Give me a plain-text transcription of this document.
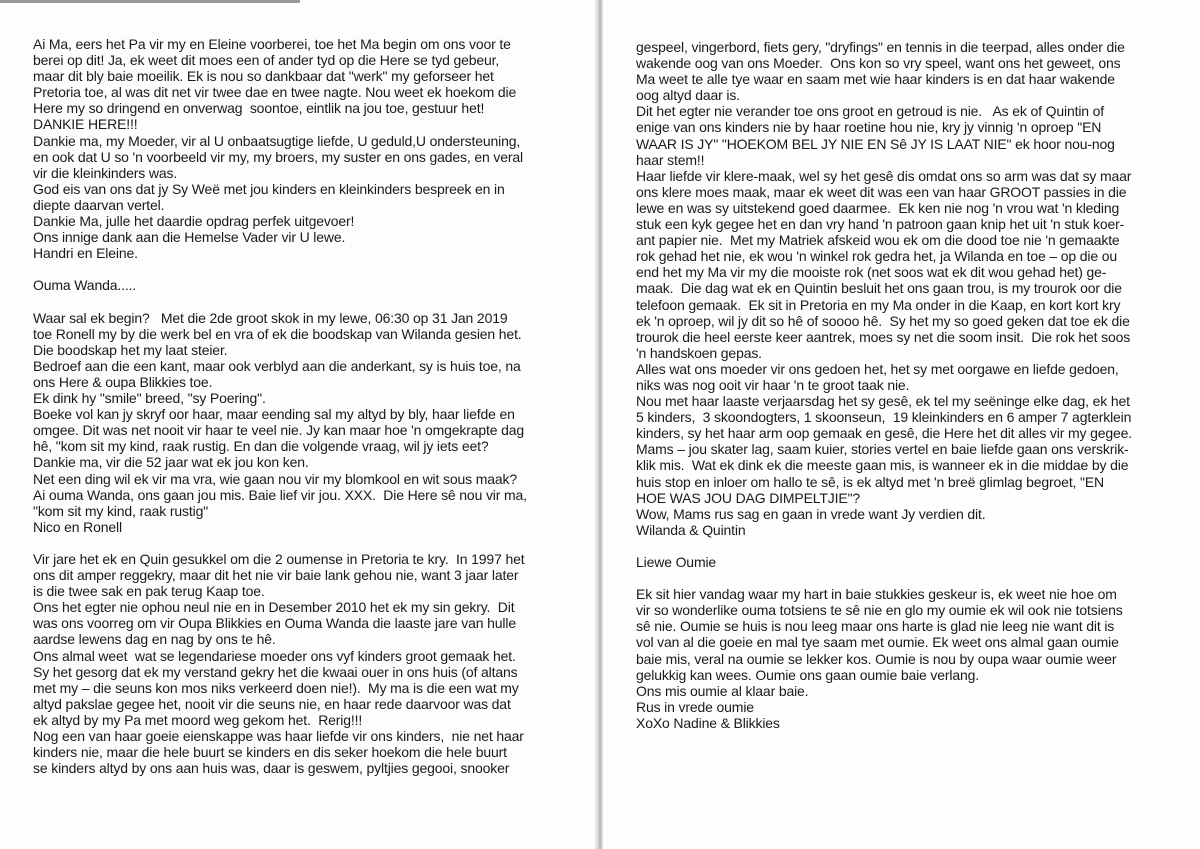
Ai Ma, eers het Pa vir my en Eleine voorberei, toe het Ma begin om ons voor te
berei op dit! Ja, ek weet dit moes een of ander tyd op die Here se tyd gebeur,
maar dit bly baie moeilik. Ek is nou so dankbaar dat "werk" my geforseer het
Pretoria toe, al was dit net vir twee dae en twee nagte. Nou weet ek hoekom die
Here my so dringend en onverwag  soontoe, eintlik na jou toe, gestuur het!
DANKIE HERE!!!
Dankie ma, my Moeder, vir al U onbaatsugtige liefde, U geduld,U ondersteuning,
en ook dat U so 'n voorbeeld vir my, my broers, my suster en ons gades, en veral
vir die kleinkinders was.
God eis van ons dat jy Sy Weë met jou kinders en kleinkinders bespreek en in
diepte daarvan vertel.
Dankie Ma, julle het daardie opdrag perfek uitgevoer!
Ons innige dank aan die Hemelse Vader vir U lewe.
Handri en Eleine.
Ouma Wanda.....
Waar sal ek begin?   Met die 2de groot skok in my lewe, 06:30 op 31 Jan 2019
toe Ronell my by die werk bel en vra of ek die boodskap van Wilanda gesien het.
Die boodskap het my laat steier.
Bedroef aan die een kant, maar ook verblyd aan die anderkant, sy is huis toe, na
ons Here & oupa Blikkies toe.
Ek dink hy "smile" breed, "sy Poering".
Boeke vol kan jy skryf oor haar, maar eending sal my altyd by bly, haar liefde en
omgee. Dit was net nooit vir haar te veel nie. Jy kan maar hoe 'n omgekrapte dag
hê, "kom sit my kind, raak rustig. En dan die volgende vraag, wil jy iets eet?
Dankie ma, vir die 52 jaar wat ek jou kon ken.
Net een ding wil ek vir ma vra, wie gaan nou vir my blomkool en wit sous maak?
Ai ouma Wanda, ons gaan jou mis. Baie lief vir jou. XXX.  Die Here sê nou vir ma,
"kom sit my kind, raak rustig"
Nico en Ronell
Vir jare het ek en Quin gesukkel om die 2 oumense in Pretoria te kry.  In 1997 het
ons dit amper reggekry, maar dit het nie vir baie lank gehou nie, want 3 jaar later
is die twee sak en pak terug Kaap toe.
Ons het egter nie ophou neul nie en in Desember 2010 het ek my sin gekry.  Dit
was ons voorreg om vir Oupa Blikkies en Ouma Wanda die laaste jare van hulle
aardse lewens dag en nag by ons te hê.
Ons almal weet  wat se legendariese moeder ons vyf kinders groot gemaak het.
Sy het gesorg dat ek my verstand gekry het die kwaai ouer in ons huis (of altans
met my – die seuns kon mos niks verkeerd doen nie!).  My ma is die een wat my
altyd pakslae gegee het, nooit vir die seuns nie, en haar rede daarvoor was dat
ek altyd by my Pa met moord weg gekom het.  Rerig!!!
Nog een van haar goeie eienskappe was haar liefde vir ons kinders,  nie net haar
kinders nie, maar die hele buurt se kinders en dis seker hoekom die hele buurt
se kinders altyd by ons aan huis was, daar is geswem, pyltjies gegooi, snooker
gespeel, vingerbord, fiets gery, "dryfings" en tennis in die teerpad, alles onder die
wakende oog van ons Moeder.  Ons kon so vry speel, want ons het geweet, ons
Ma weet te alle tye waar en saam met wie haar kinders is en dat haar wakende
oog altyd daar is.
Dit het egter nie verander toe ons groot en getroud is nie.   As ek of Quintin of
enige van ons kinders nie by haar roetine hou nie, kry jy vinnig 'n oproep "EN
WAAR IS JY" "HOEKOM BEL JY NIE EN Sê JY IS LAAT NIE" ek hoor nou-nog
haar stem!!
Haar liefde vir klere-maak, wel sy het gesê dis omdat ons so arm was dat sy maar
ons klere moes maak, maar ek weet dit was een van haar GROOT passies in die
lewe en was sy uitstekend goed daarmee.  Ek ken nie nog 'n vrou wat 'n kleding
stuk een kyk gegee het en dan vry hand 'n patroon gaan knip het uit 'n stuk koer-
ant papier nie.  Met my Matriek afskeid wou ek om die dood toe nie 'n gemaakte
rok gehad het nie, ek wou 'n winkel rok gedra het, ja Wilanda en toe – op die ou
end het my Ma vir my die mooiste rok (net soos wat ek dit wou gehad het) ge-
maak.  Die dag wat ek en Quintin besluit het ons gaan trou, is my trourok oor die
telefoon gemaak.  Ek sit in Pretoria en my Ma onder in die Kaap, en kort kort kry
ek 'n oproep, wil jy dit so hê of soooo hê.  Sy het my so goed geken dat toe ek die
trourok die heel eerste keer aantrek, moes sy net die soom insit.  Die rok het soos
'n handskoen gepas.
Alles wat ons moeder vir ons gedoen het, het sy met oorgawe en liefde gedoen,
niks was nog ooit vir haar 'n te groot taak nie.
Nou met haar laaste verjaarsdag het sy gesê, ek tel my seëninge elke dag, ek het
5 kinders,  3 skoondogters, 1 skoonseun,  19 kleinkinders en 6 amper 7 agterklein
kinders, sy het haar arm oop gemaak en gesê, die Here het dit alles vir my gegee.
Mams – jou skater lag, saam kuier, stories vertel en baie liefde gaan ons verskrik-
klik mis.  Wat ek dink ek die meeste gaan mis, is wanneer ek in die middae by die
huis stop en inloer om hallo te sê, is ek altyd met 'n breë glimlag begroet, "EN
HOE WAS JOU DAG DIMPELTJIE"?
Wow, Mams rus sag en gaan in vrede want Jy verdien dit.
Wilanda & Quintin
Liewe Oumie
Ek sit hier vandag waar my hart in baie stukkies geskeur is, ek weet nie hoe om
vir so wonderlike ouma totsiens te sê nie en glo my oumie ek wil ook nie totsiens
sê nie. Oumie se huis is nou leeg maar ons harte is glad nie leeg nie want dit is
vol van al die goeie en mal tye saam met oumie. Ek weet ons almal gaan oumie
baie mis, veral na oumie se lekker kos. Oumie is nou by oupa waar oumie weer
gelukkig kan wees. Oumie ons gaan oumie baie verlang.
Ons mis oumie al klaar baie.
Rus in vrede oumie
XoXo Nadine & Blikkies
